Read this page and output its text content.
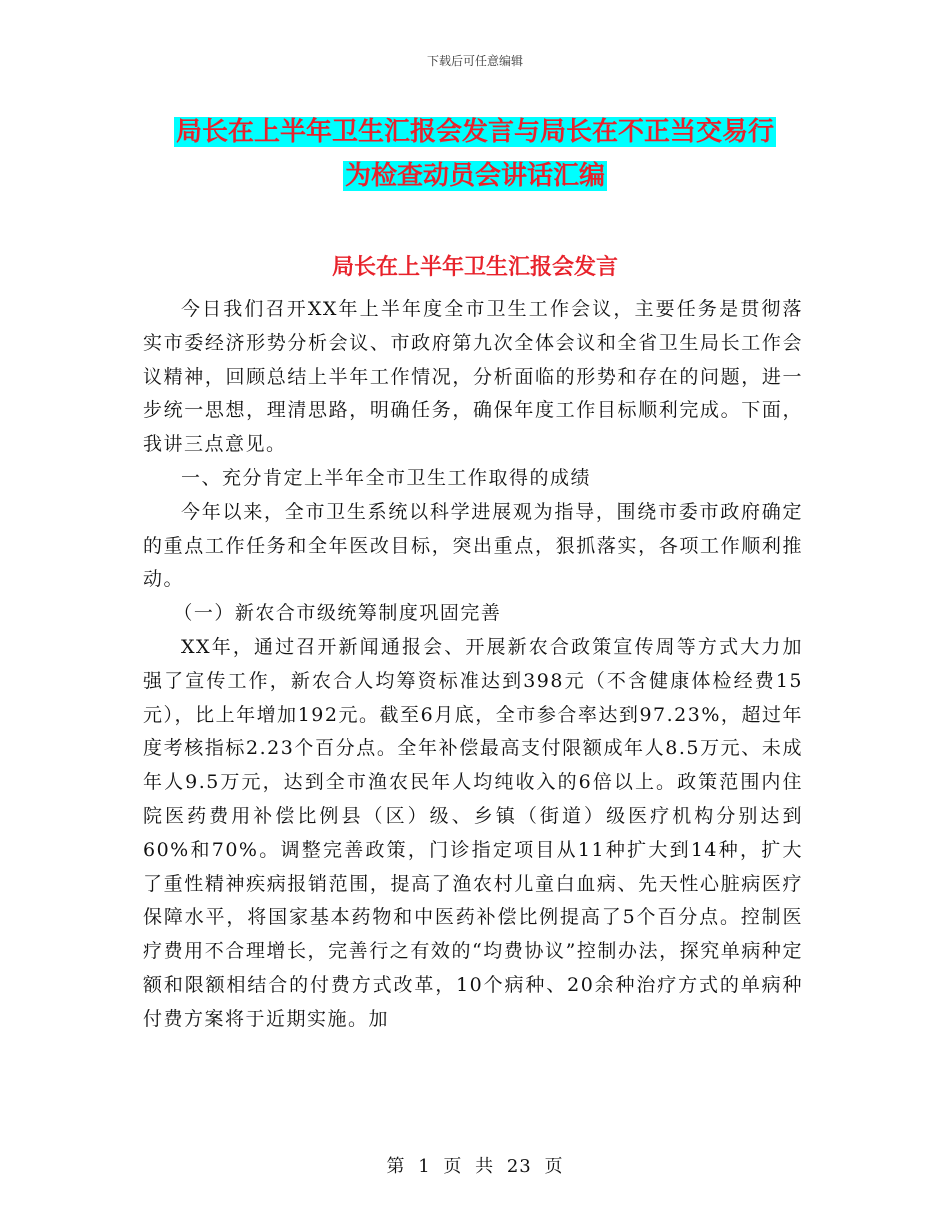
下载后可任意编辑
局长在上半年卫生汇报会发言与局长在不正当交易行
为检查动员会讲话汇编
局长在上半年卫生汇报会发言

今日我们召开XX年上半年度全市卫生工作会议，主要任务是贯彻落实市委经济形势分析会议、市政府第九次全体会议和全省卫生局长工作会议精神，回顾总结上半年工作情况，分析面临的形势和存在的问题，进一步统一思想，理清思路，明确任务，确保年度工作目标顺利完成。下面，我讲三点意见。

一、充分肯定上半年全市卫生工作取得的成绩

今年以来，全市卫生系统以科学进展观为指导，围绕市委市政府确定的重点工作任务和全年医改目标，突出重点，狠抓落实，各项工作顺利推动。

（一）新农合市级统筹制度巩固完善

XX年，通过召开新闻通报会、开展新农合政策宣传周等方式大力加强了宣传工作，新农合人均筹资标准达到398元（不含健康体检经费15元），比上年增加192元。截至6月底，全市参合率达到97.23%，超过年度考核指标2.23个百分点。全年补偿最高支付限额成年人8.5万元、未成年人9.5万元，达到全市渔农民年人均纯收入的6倍以上。政策范围内住院医药费用补偿比例县（区）级、乡镇（街道）级医疗机构分别达到60%和70%。调整完善政策，门诊指定项目从11种扩大到14种，扩大了重性精神疾病报销范围，提高了渔农村儿童白血病、先天性心脏病医疗保障水平，将国家基本药物和中医药补偿比例提高了5个百分点。控制医疗费用不合理增长，完善行之有效的“均费协议”控制办法，探究单病种定额和限额相结合的付费方式改革，10个病种、20余种治疗方式的单病种付费方案将于近期实施。加

第 1 页 共 23 页
